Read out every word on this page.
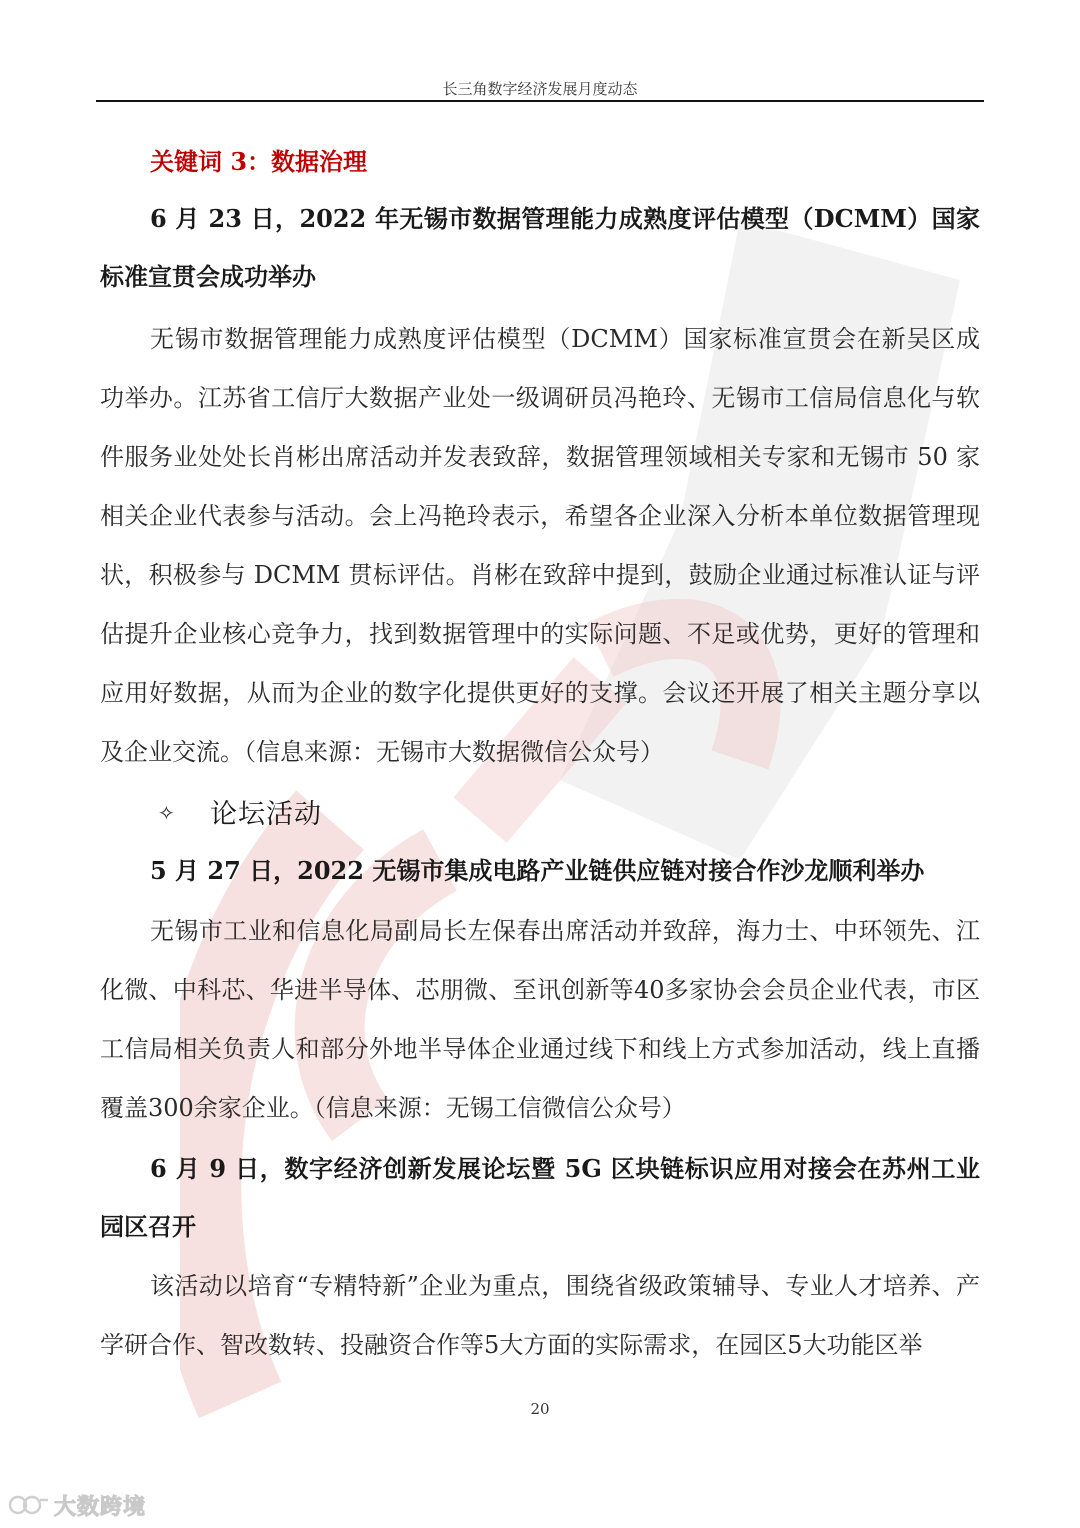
长三角数字经济发展月度动态
关键词 3：数据治理
6 月 23 日，2022 年无锡市数据管理能力成熟度评估模型（DCMM）国家标准宣贯会成功举办
无锡市数据管理能力成熟度评估模型（DCMM）国家标准宣贯会在新吴区成功举办。江苏省工信厅大数据产业处一级调研员冯艳玲、无锡市工信局信息化与软件服务业处处长肖彬出席活动并发表致辞，数据管理领域相关专家和无锡市 50 家相关企业代表参与活动。会上冯艳玲表示，希望各企业深入分析本单位数据管理现状，积极参与 DCMM 贯标评估。肖彬在致辞中提到，鼓励企业通过标准认证与评估提升企业核心竞争力，找到数据管理中的实际问题、不足或优势，更好的管理和应用好数据，从而为企业的数字化提供更好的支撑。会议还开展了相关主题分享以及企业交流。（信息来源：无锡市大数据微信公众号）
✧ 论坛活动
5 月 27 日，2022 无锡市集成电路产业链供应链对接合作沙龙顺利举办
无锡市工业和信息化局副局长左保春出席活动并致辞，海力士、中环领先、江化微、中科芯、华进半导体、芯朋微、至讯创新等40多家协会会员企业代表，市区工信局相关负责人和部分外地半导体企业通过线下和线上方式参加活动，线上直播覆盖300余家企业。（信息来源：无锡工信微信公众号）
6 月 9 日，数字经济创新发展论坛暨 5G 区块链标识应用对接会在苏州工业园区召开
该活动以培育“专精特新”企业为重点，围绕省级政策辅导、专业人才培养、产学研合作、智改数转、投融资合作等5大方面的实际需求，在园区5大功能区举
20
大数跨境
